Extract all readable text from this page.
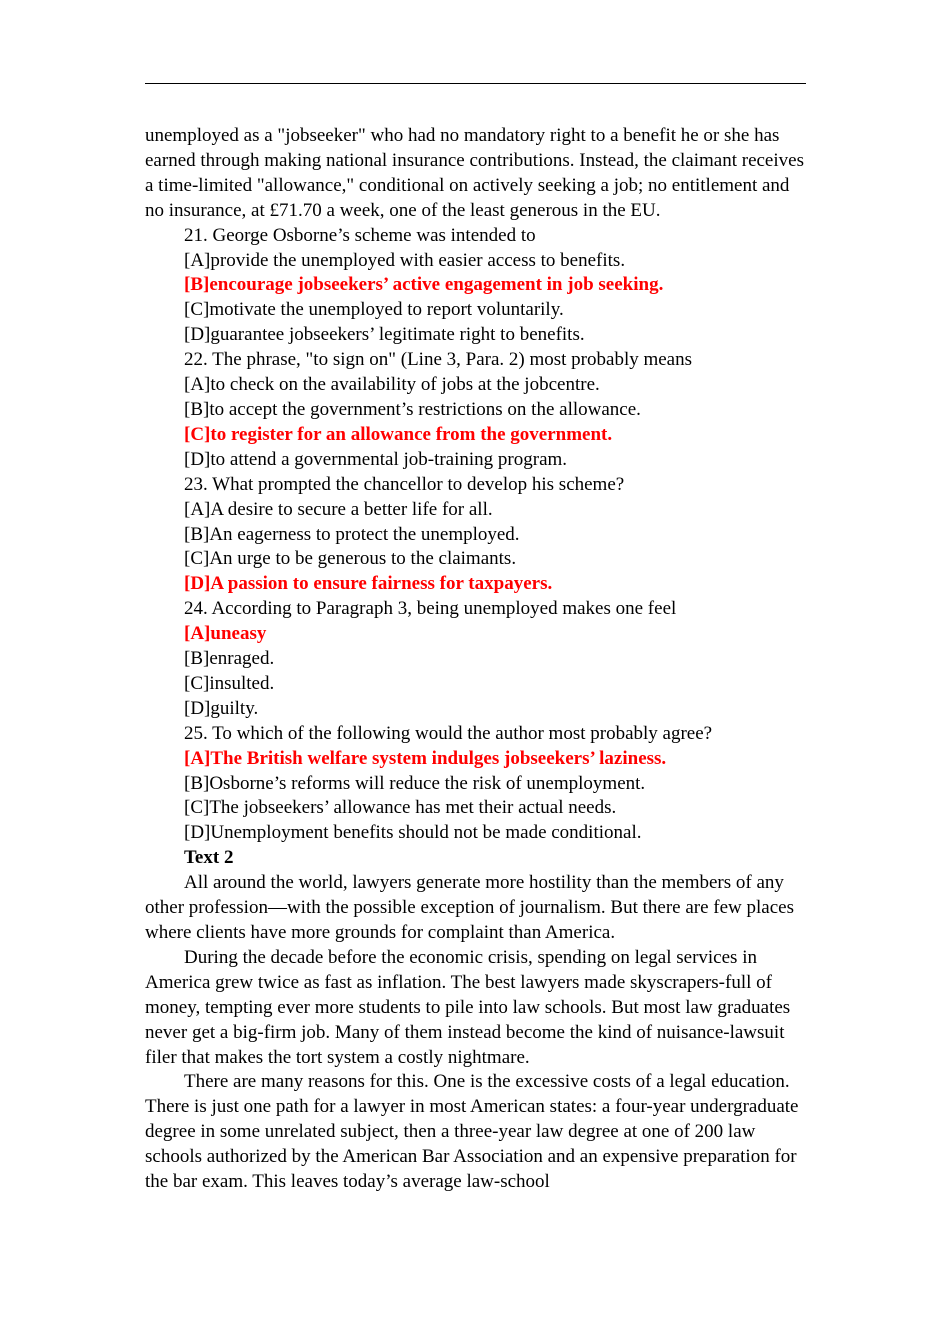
unemployed as a "jobseeker" who had no mandatory right to a benefit he or she has earned through making national insurance contributions. Instead, the claimant receives a time-limited "allowance," conditional on actively seeking a job; no entitlement and no insurance, at £71.70 a week, one of the least generous in the EU.

21. George Osborne’s scheme was intended to

[A]provide the unemployed with easier access to benefits.

[B]encourage jobseekers’ active engagement in job seeking.

[C]motivate the unemployed to report voluntarily.

[D]guarantee jobseekers’ legitimate right to benefits.

22. The phrase, "to sign on" (Line 3, Para. 2) most probably means

[A]to check on the availability of jobs at the jobcentre.

[B]to accept the government’s restrictions on the allowance.

[C]to register for an allowance from the government.

[D]to attend a governmental job-training program.

23. What prompted the chancellor to develop his scheme?

[A]A desire to secure a better life for all.

[B]An eagerness to protect the unemployed.

[C]An urge to be generous to the claimants.

[D]A passion to ensure fairness for taxpayers.

24. According to Paragraph 3, being unemployed makes one feel

[A]uneasy

[B]enraged.

[C]insulted.

[D]guilty.

25. To which of the following would the author most probably agree?

[A]The British welfare system indulges jobseekers’ laziness.

[B]Osborne’s reforms will reduce the risk of unemployment.

[C]The jobseekers’ allowance has met their actual needs.

[D]Unemployment benefits should not be made conditional.

Text 2

All around the world, lawyers generate more hostility than the members of any other profession—with the possible exception of journalism. But there are few places where clients have more grounds for complaint than America.

During the decade before the economic crisis, spending on legal services in America grew twice as fast as inflation. The best lawyers made skyscrapers-full of money, tempting ever more students to pile into law schools. But most law graduates never get a big-firm job. Many of them instead become the kind of nuisance-lawsuit filer that makes the tort system a costly nightmare.

There are many reasons for this. One is the excessive costs of a legal education. There is just one path for a lawyer in most American states: a four-year undergraduate degree in some unrelated subject, then a three-year law degree at one of 200 law schools authorized by the American Bar Association and an expensive preparation for the bar exam. This leaves today’s average law-school
